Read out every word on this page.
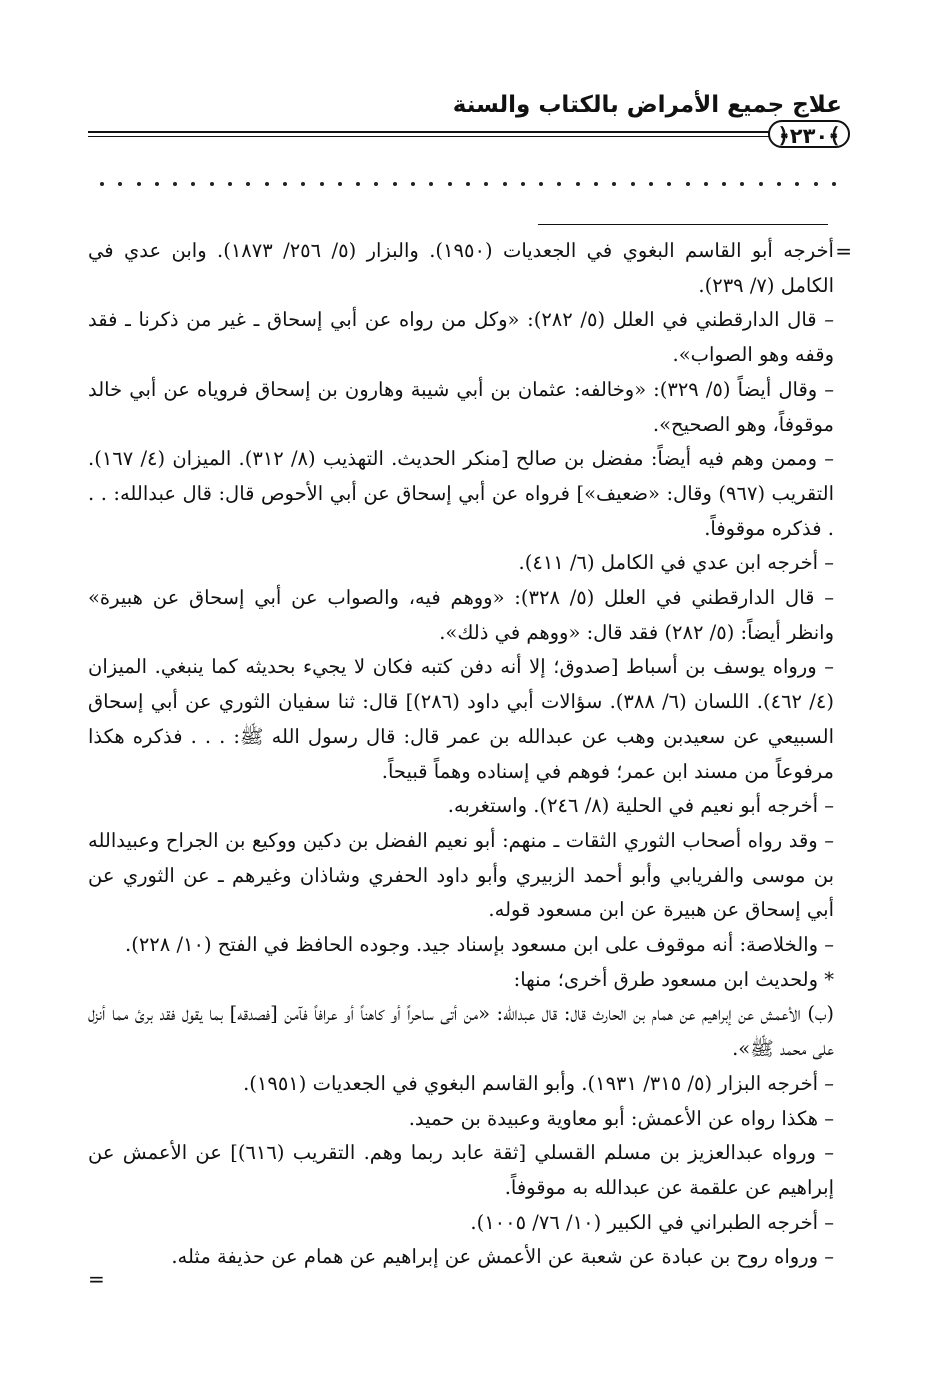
علاج جميع الأمراض بالكتاب والسنة
﴿٢٣٠﴾
=

أخرجه أبو القاسم البغوي في الجعديات (١٩٥٠). والبزار (٥/ ٢٥٦/ ١٨٧٣). وابن عدي في الكامل (٧/ ٢٣٩).

– قال الدارقطني في العلل (٥/ ٢٨٢): «وكل من رواه عن أبي إسحاق ـ غير من ذكرنا ـ فقد وقفه وهو الصواب».

– وقال أيضاً (٥/ ٣٢٩): «وخالفه: عثمان بن أبي شيبة وهارون بن إسحاق فروياه عن أبي خالد موقوفاً، وهو الصحيح».

– وممن وهم فيه أيضاً: مفضل بن صالح [منكر الحديث. التهذيب (٨/ ٣١٢). الميزان (٤/ ١٦٧). التقريب (٩٦٧) وقال: «ضعيف»] فرواه عن أبي إسحاق عن أبي الأحوص قال: قال عبدالله: . . . فذكره موقوفاً.

– أخرجه ابن عدي في الكامل (٦/ ٤١١).

– قال الدارقطني في العلل (٥/ ٣٢٨): «ووهم فيه، والصواب عن أبي إسحاق عن هبيرة» وانظر أيضاً: (٥/ ٢٨٢) فقد قال: «ووهم في ذلك».

– ورواه يوسف بن أسباط [صدوق؛ إلا أنه دفن كتبه فكان لا يجيء بحديثه كما ينبغي. الميزان (٤/ ٤٦٢). اللسان (٦/ ٣٨٨). سؤالات أبي داود (٢٨٦)] قال: ثنا سفيان الثوري عن أبي إسحاق السبيعي عن سعيدبن وهب عن عبدالله بن عمر قال: قال رسول الله ﷺ: . . . فذكره هكذا مرفوعاً من مسند ابن عمر؛ فوهم في إسناده وهماً قبيحاً.

– أخرجه أبو نعيم في الحلية (٨/ ٢٤٦). واستغربه.

– وقد رواه أصحاب الثوري الثقات ـ منهم: أبو نعيم الفضل بن دكين ووكيع بن الجراح وعبيدالله بن موسى والفريابي وأبو أحمد الزبيري وأبو داود الحفري وشاذان وغيرهم ـ عن الثوري عن أبي إسحاق عن هبيرة عن ابن مسعود قوله.

– والخلاصة: أنه موقوف على ابن مسعود بإسناد جيد. وجوده الحافظ في الفتح (١٠/ ٢٢٨).

* ولحديث ابن مسعود طرق أخرى؛ منها:

(ب) الأعمش عن إبراهيم عن همام بن الحارث قال: قال عبدالله: «من أتى ساحراً أو كاهناً أو عرافاً فآمن [فصدقه] بما يقول فقد برئ مما أنزل على محمد ﷺ».

– أخرجه البزار (٥/ ٣١٥/ ١٩٣١). وأبو القاسم البغوي في الجعديات (١٩٥١).

– هكذا رواه عن الأعمش: أبو معاوية وعبيدة بن حميد.

– ورواه عبدالعزيز بن مسلم القسلي [ثقة عابد ربما وهم. التقريب (٦١٦)] عن الأعمش عن إبراهيم عن علقمة عن عبدالله به موقوفاً.

– أخرجه الطبراني في الكبير (١٠/ ٧٦/ ١٠٠٥).

– ورواه روح بن عبادة عن شعبة عن الأعمش عن إبراهيم عن همام عن حذيفة مثله.

=
